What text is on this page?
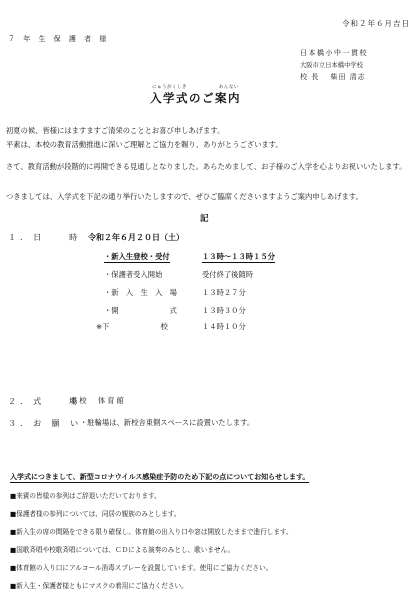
令和２年６月吉日
７ 年 生 保 護 者 様
日本橋小中一貫校
大阪市立日本橋中学校
校 長　 柴田 清志
にゅうがくしき	あんない
入学式のご案内
初夏の候、皆様にはますますご清栄のこととお喜び申しあげます。
平素は、本校の教育活動推進に深いご理解とご協力を賜り、ありがとうございます。
さて、教育活動が段階的に再開できる見通しとなりました。あらためまして、お子様のご入学を心よりお祝いいたします。
つきましては、入学式を下記の通り挙行いたしますので、ぜひご臨席くださいますようご案内申しあげます。
記
１. 日　　時 令和２年６月２０日（土）
・新入生登校・受付	１３時～１３時１５分
・保護者受入開始	受付終了後随時
・新　入　生　入　場	１３時２７分
・開　　　　　　　式	１３時３０分
※下　　　　　　　校	１４時１０分
２. 式　　場
本校　体育館
３. お 願 い
・駐輪場は、新校舎東側スペースに設置いたします。
入学式につきまして、新型コロナウイルス感染症予防のため下記の点についてお知らせします。
■来賓の皆様の参列はご辞退いただいております。
■保護者様の参列については、同居の親族のみとします。
■新入生の席の間隔をできる限り確保し、体育館の出入り口や窓は開放したままで進行します。
■国歌斉唱や校歌斉唱については、ＣＤによる演奏のみとし、歌いません。
■体育館の入り口にアルコール消毒スプレーを設置しています。使用にご協力ください。
■新入生・保護者様ともにマスクの着用にご協力ください。
